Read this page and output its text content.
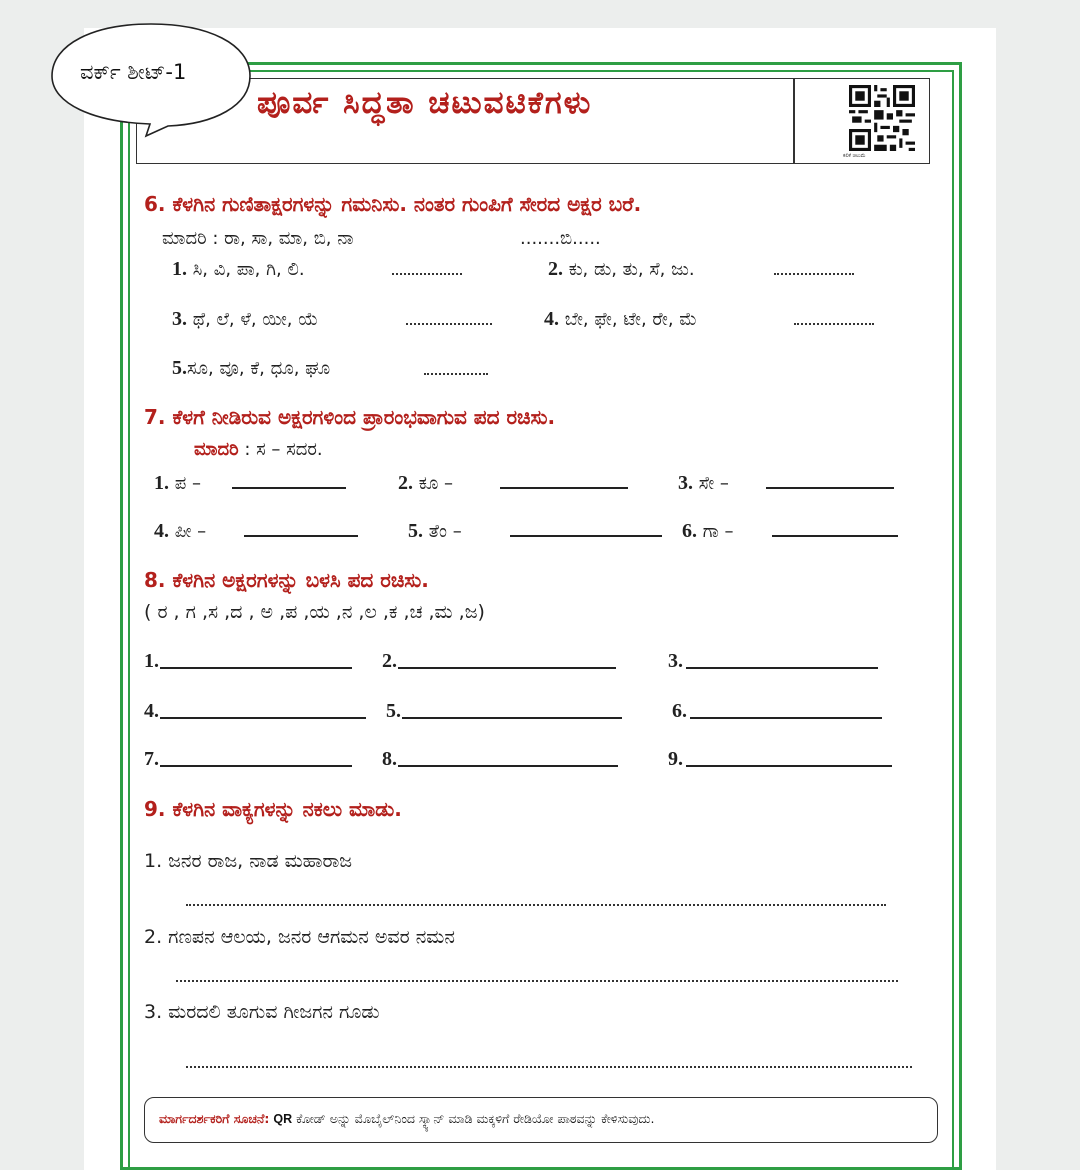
ಪೂರ್ವ ಸಿದ್ಧತಾ ಚಟುವಟಿಕೆಗಳು
ಕಲಿಕೆ ಚಿಲುಮೆ
ವರ್ಕ್ ಶೀಟ್-1
6. ಕೆಳಗಿನ ಗುಣಿತಾಕ್ಷರಗಳನ್ನು ಗಮನಿಸು. ನಂತರ ಗುಂಪಿಗೆ ಸೇರದ ಅಕ್ಷರ ಬರೆ.
ಮಾದರಿ : ರಾ, ಸಾ, ಮಾ, ಬಿ, ನಾ	.......ಬಿ.....
1. ಸಿ, ವಿ, ಪಾ, ಗಿ, ಲಿ.	2. ಕು, ಡು, ತು, ಸೆ, ಜು.
3. ಥೆ, ಲೆ, ಳೆ, ಯೀ, ಯೆ	4. ಬೇ, ಫೇ, ಟೇ, ರೇ, ಮೆ
5.ಸೂ, ವೂ, ಕೆ, ಧೂ, ಘೂ
7. ಕೆಳಗೆ ನೀಡಿರುವ ಅಕ್ಷರಗಳಿಂದ ಪ್ರಾರಂಭವಾಗುವ ಪದ ರಚಿಸು.
ಮಾದರಿ : ಸ – ಸದರ.
1. ಪ –	2. ಕೂ –	3. ಸೇ –
4. ಪೀ –	5. ತೆಂ –	6. ಗಾ –
8. ಕೆಳಗಿನ ಅಕ್ಷರಗಳನ್ನು ಬಳಸಿ ಪದ ರಚಿಸು.
( ರ , ಗ ,ಸ ,ದ , ಅ ,ಪ ,ಯ ,ನ ,ಲ ,ಕ ,ಚ ,ಮ ,ಜ)
1.	2.	3.
4.	5.	6.
7.	8.	9.
9. ಕೆಳಗಿನ ವಾಕ್ಯಗಳನ್ನು ನಕಲು ಮಾಡು.
1. ಜನರ ರಾಜ, ನಾಡ ಮಹಾರಾಜ
2. ಗಣಪನ ಆಲಯ, ಜನರ ಆಗಮನ ಅವರ ನಮನ
3. ಮರದಲಿ ತೂಗುವ ಗೀಜಗನ ಗೂಡು
ಮಾರ್ಗದರ್ಶಕರಿಗೆ ಸೂಚನೆ: QR ಕೋಡ್ ಅನ್ನು ಮೊಬೈಲ್‌ನಿಂದ ಸ್ಕ್ಯಾನ್ ಮಾಡಿ ಮಕ್ಕಳಿಗೆ ರೇಡಿಯೋ ಪಾಠವನ್ನು ಕೇಳಿಸುವುದು.
